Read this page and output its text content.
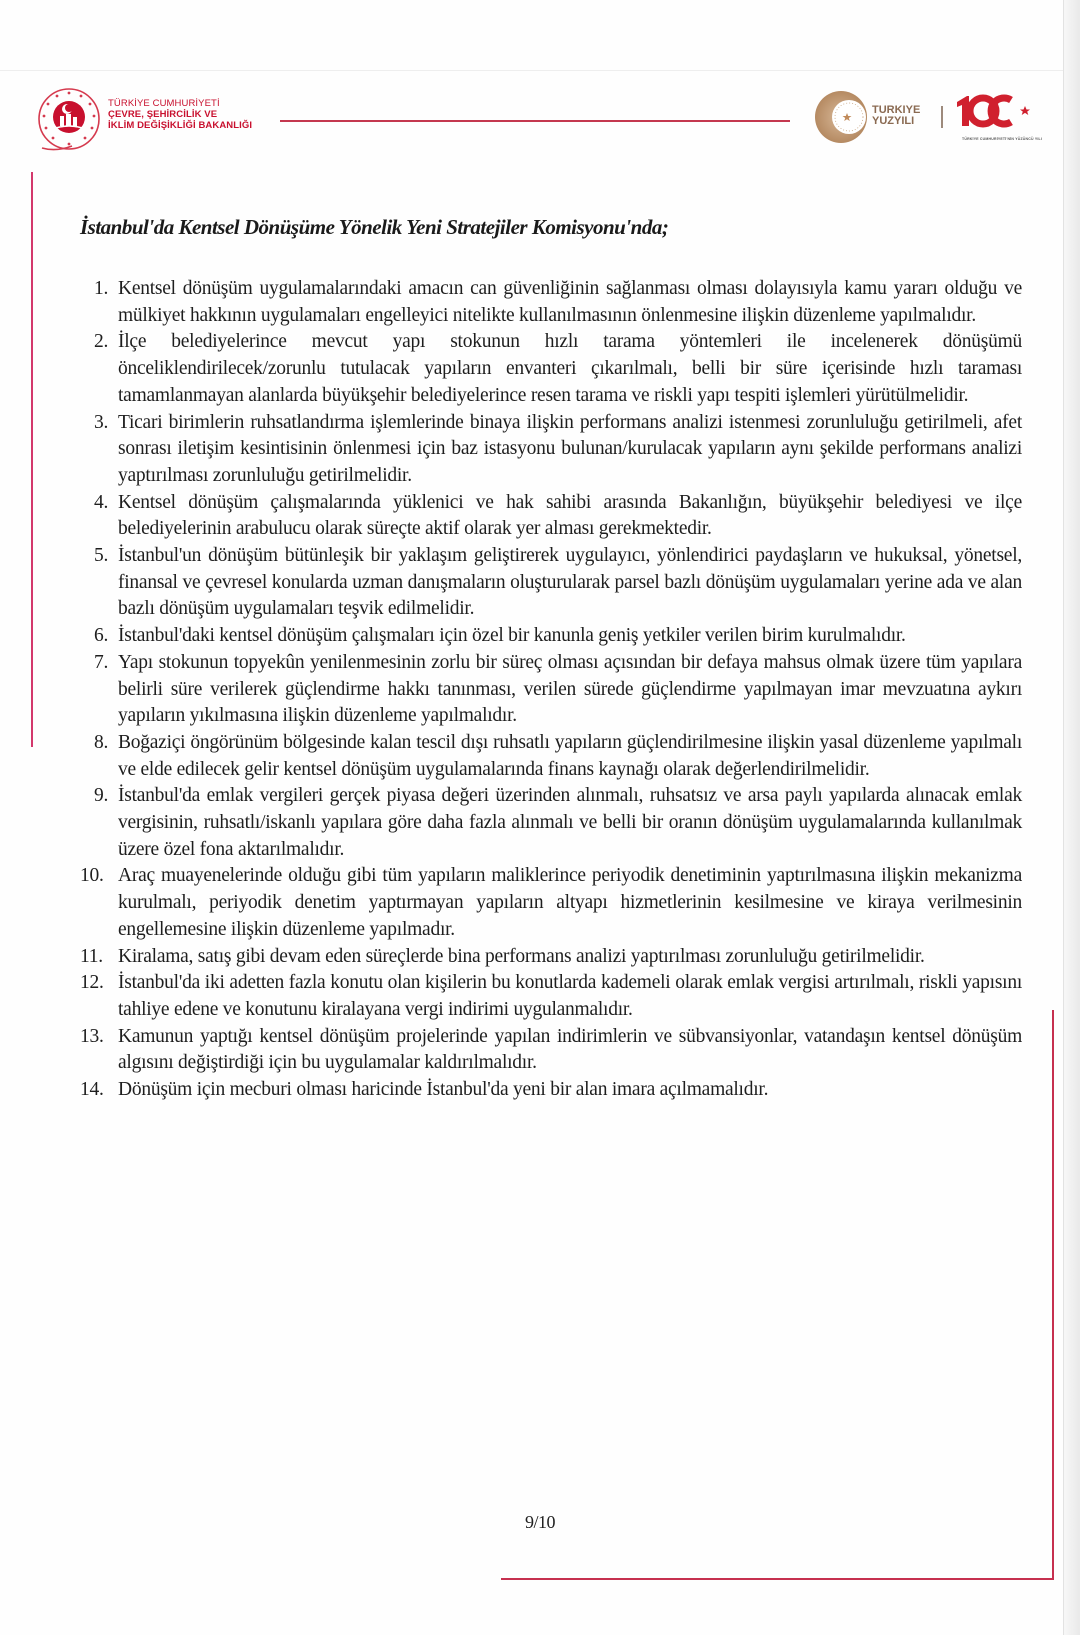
TÜRKİYE CUMHURİYETİ
ÇEVRE, ŞEHİRCİLİK VE
İKLİM DEĞİŞİKLİĞİ BAKANLIĞI
TURKIYE
YUZYILI
TÜRKİYE CUMHURİYETİ'NİN YÜZÜNCÜ YILI
İstanbul'da Kentsel Dönüşüme Yönelik Yeni Stratejiler Komisyonu'nda;
1. Kentsel dönüşüm uygulamalarındaki amacın can güvenliğinin sağlanması olması dolayısıyla kamu yararı olduğu ve mülkiyet hakkının uygulamaları engelleyici nitelikte kullanılmasının önlenmesine ilişkin düzenleme yapılmalıdır.
2. İlçe belediyelerince mevcut yapı stokunun hızlı tarama yöntemleri ile incelenerek dönüşümü önceliklendirilecek/zorunlu tutulacak yapıların envanteri çıkarılmalı, belli bir süre içerisinde hızlı taraması tamamlanmayan alanlarda büyükşehir belediyelerince resen tarama ve riskli yapı tespiti işlemleri yürütülmelidir.
3. Ticari birimlerin ruhsatlandırma işlemlerinde binaya ilişkin performans analizi istenmesi zorunluluğu getirilmeli, afet sonrası iletişim kesintisinin önlenmesi için baz istasyonu bulunan/kurulacak yapıların aynı şekilde performans analizi yaptırılması zorunluluğu getirilmelidir.
4. Kentsel dönüşüm çalışmalarında yüklenici ve hak sahibi arasında Bakanlığın, büyükşehir belediyesi ve ilçe belediyelerinin arabulucu olarak süreçte aktif olarak yer alması gerekmektedir.
5. İstanbul'un dönüşüm bütünleşik bir yaklaşım geliştirerek uygulayıcı, yönlendirici paydaşların ve hukuksal, yönetsel, finansal ve çevresel konularda uzman danışmaların oluşturularak parsel bazlı dönüşüm uygulamaları yerine ada ve alan bazlı dönüşüm uygulamaları teşvik edilmelidir.
6. İstanbul'daki kentsel dönüşüm çalışmaları için özel bir kanunla geniş yetkiler verilen birim kurulmalıdır.
7. Yapı stokunun topyekûn yenilenmesinin zorlu bir süreç olması açısından bir defaya mahsus olmak üzere tüm yapılara belirli süre verilerek güçlendirme hakkı tanınması, verilen sürede güçlendirme yapılmayan imar mevzuatına aykırı yapıların yıkılmasına ilişkin düzenleme yapılmalıdır.
8. Boğaziçi öngörünüm bölgesinde kalan tescil dışı ruhsatlı yapıların güçlendirilmesine ilişkin yasal düzenleme yapılmalı ve elde edilecek gelir kentsel dönüşüm uygulamalarında finans kaynağı olarak değerlendirilmelidir.
9. İstanbul'da emlak vergileri gerçek piyasa değeri üzerinden alınmalı, ruhsatsız ve arsa paylı yapılarda alınacak emlak vergisinin, ruhsatlı/iskanlı yapılara göre daha fazla alınmalı ve belli bir oranın dönüşüm uygulamalarında kullanılmak üzere özel fona aktarılmalıdır.
10. Araç muayenelerinde olduğu gibi tüm yapıların maliklerince periyodik denetiminin yaptırılmasına ilişkin mekanizma kurulmalı, periyodik denetim yaptırmayan yapıların altyapı hizmetlerinin kesilmesine ve kiraya verilmesinin engellemesine ilişkin düzenleme yapılmadır.
11. Kiralama, satış gibi devam eden süreçlerde bina performans analizi yaptırılması zorunluluğu getirilmelidir.
12. İstanbul'da iki adetten fazla konutu olan kişilerin bu konutlarda kademeli olarak emlak vergisi artırılmalı, riskli yapısını tahliye edene ve konutunu kiralayana vergi indirimi uygulanmalıdır.
13. Kamunun yaptığı kentsel dönüşüm projelerinde yapılan indirimlerin ve sübvansiyonlar, vatandaşın kentsel dönüşüm algısını değiştirdiği için bu uygulamalar kaldırılmalıdır.
14. Dönüşüm için mecburi olması haricinde İstanbul'da yeni bir alan imara açılmamalıdır.
9/10
